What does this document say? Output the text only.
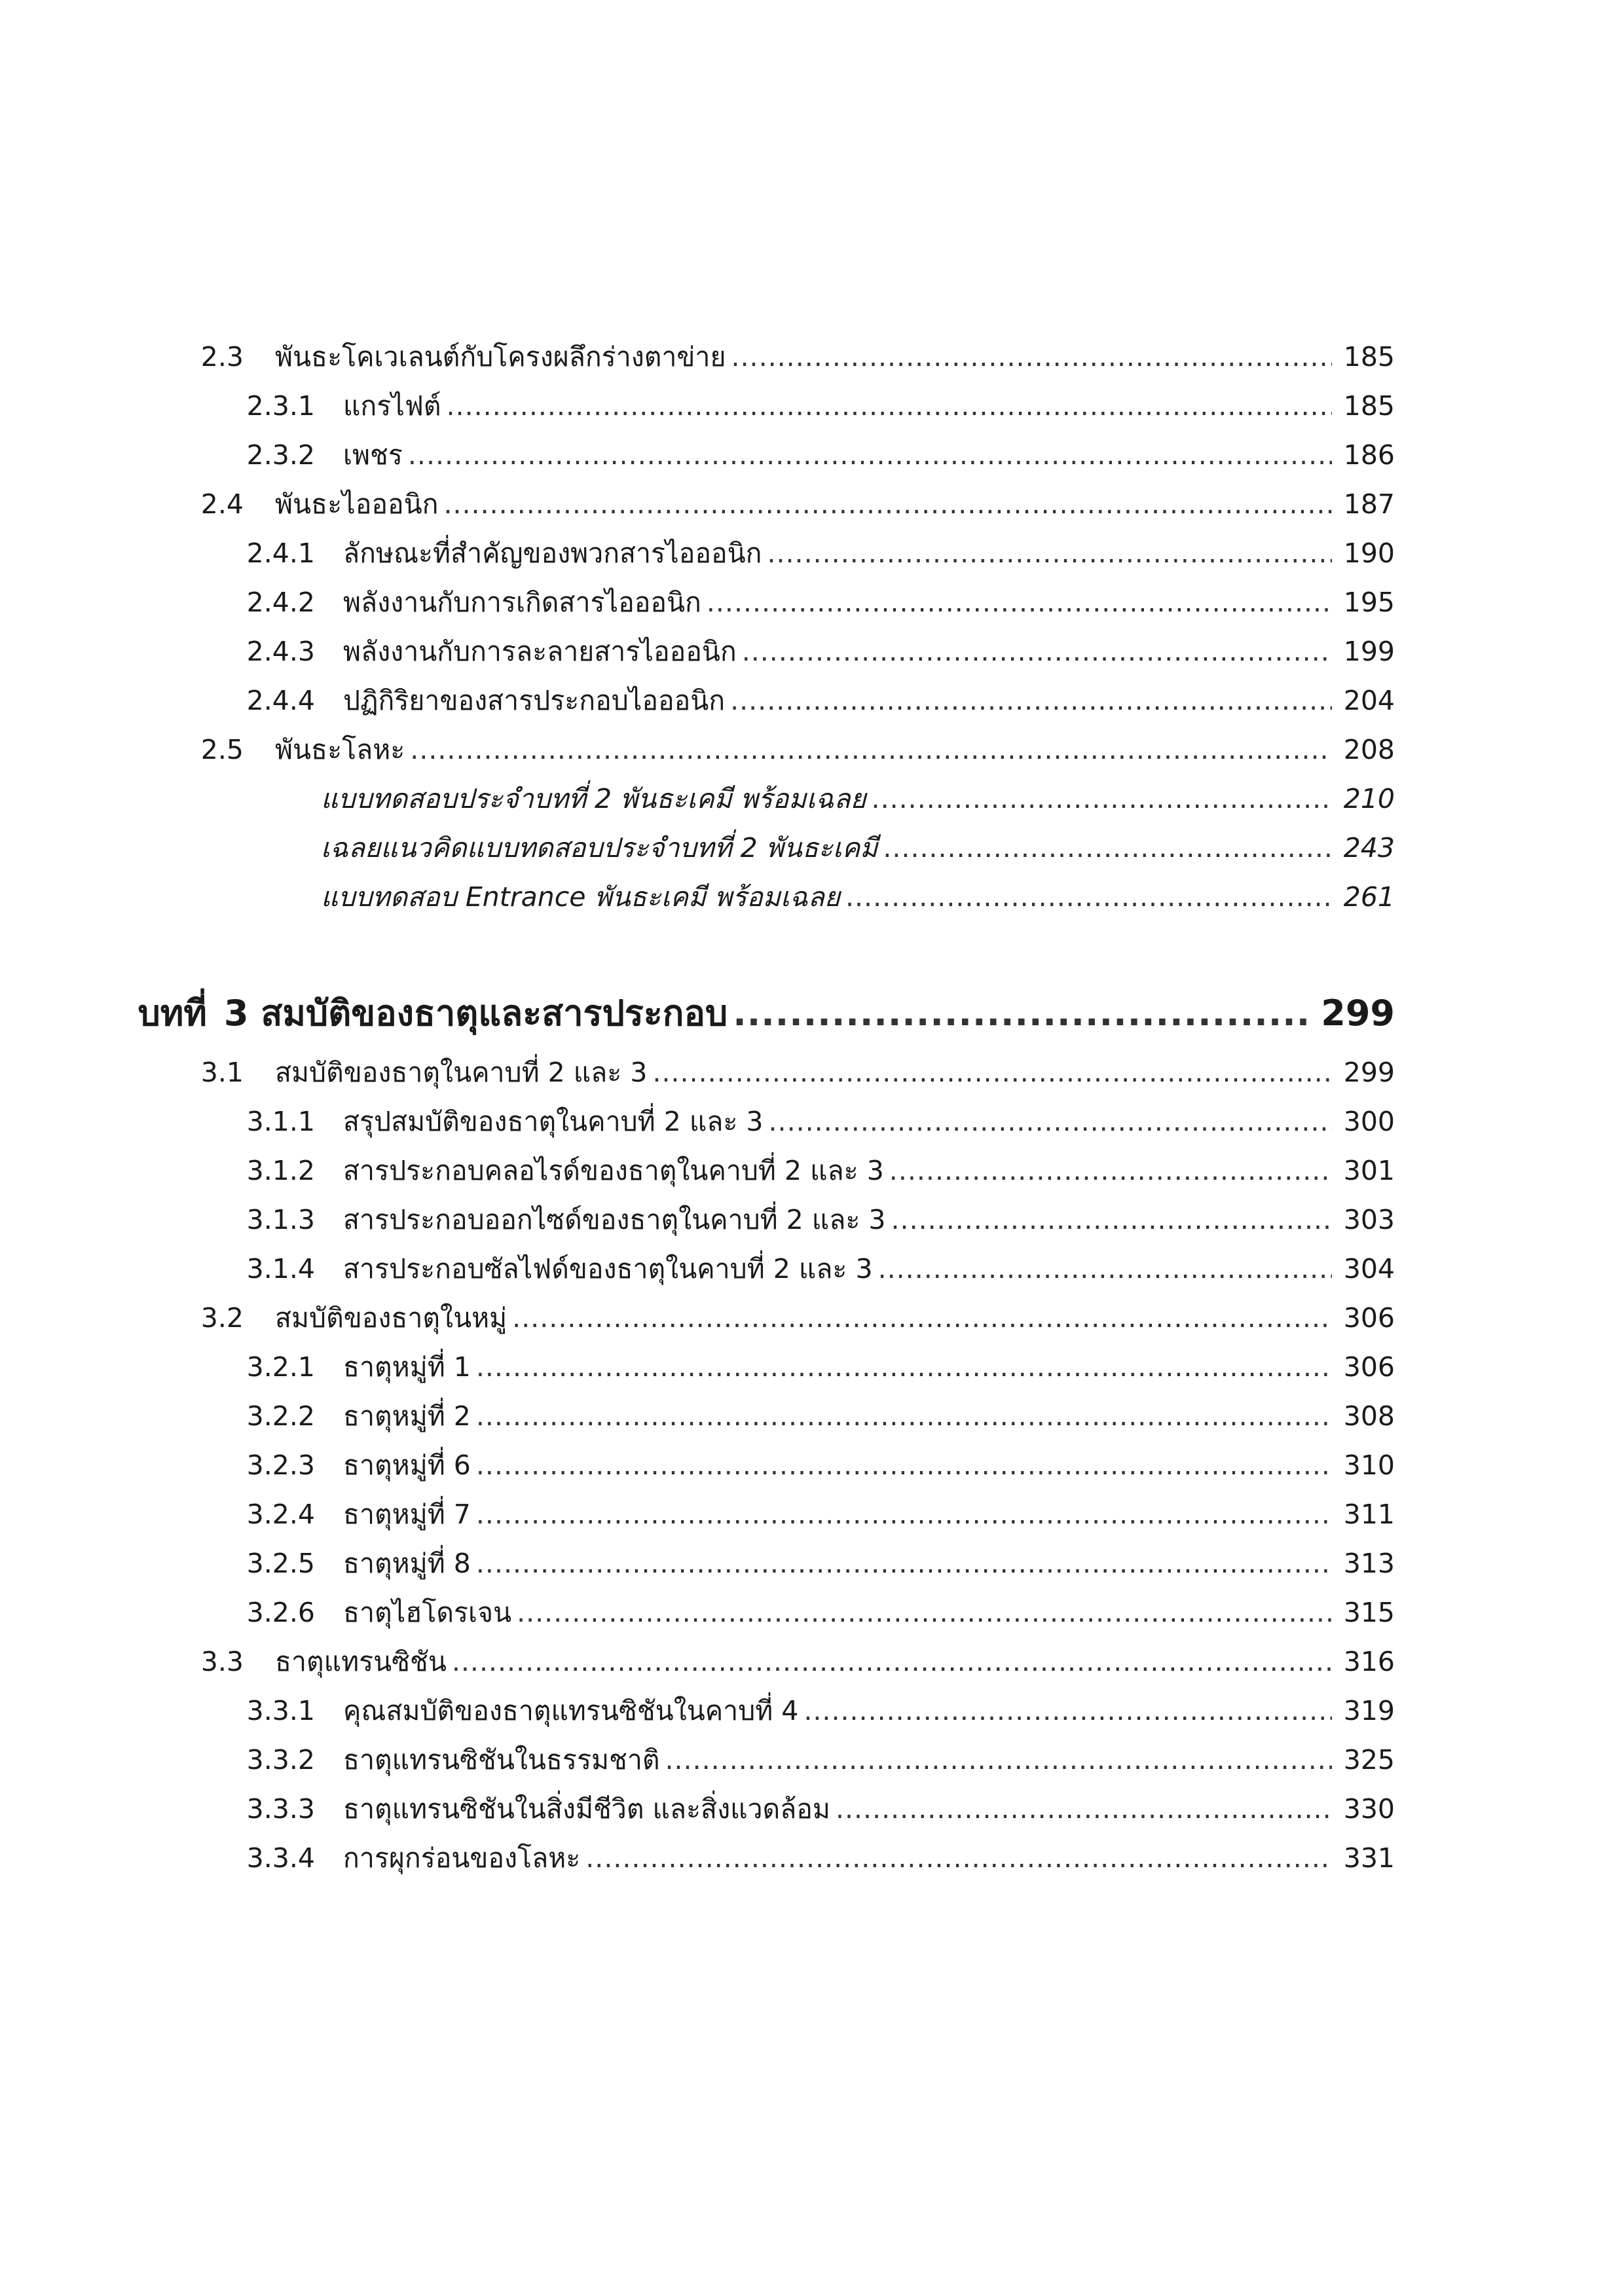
2.3 พันธะโคเวเลนต์กับโครงผลึกร่างตาข่าย .....	185
2.3.1 แกรไฟต์ .....	185
2.3.2 เพชร .....	186
2.4 พันธะไอออนิก .....	187
2.4.1 ลักษณะที่สำคัญของพวกสารไอออนิก .....	190
2.4.2 พลังงานกับการเกิดสารไอออนิก .....	195
2.4.3 พลังงานกับการละลายสารไอออนิก .....	199
2.4.4 ปฏิกิริยาของสารประกอบไอออนิก .....	204
2.5 พันธะโลหะ .....	208
แบบทดสอบประจำบทที่ 2 พันธะเคมี พร้อมเฉลย .....	210
เฉลยแนวคิดแบบทดสอบประจำบทที่ 2 พันธะเคมี .....	243
แบบทดสอบ Entrance พันธะเคมี พร้อมเฉลย .....	261
บทที่ 3 สมบัติของธาตุและสารประกอบ .....	299
3.1 สมบัติของธาตุในคาบที่ 2 และ 3 .....	299
3.1.1 สรุปสมบัติของธาตุในคาบที่ 2 และ 3 .....	300
3.1.2 สารประกอบคลอไรด์ของธาตุในคาบที่ 2 และ 3 .....	301
3.1.3 สารประกอบออกไซด์ของธาตุในคาบที่ 2 และ 3 .....	303
3.1.4 สารประกอบซัลไฟด์ของธาตุในคาบที่ 2 และ 3 .....	304
3.2 สมบัติของธาตุในหมู่ .....	306
3.2.1 ธาตุหมู่ที่ 1 .....	306
3.2.2 ธาตุหมู่ที่ 2 .....	308
3.2.3 ธาตุหมู่ที่ 6 .....	310
3.2.4 ธาตุหมู่ที่ 7 .....	311
3.2.5 ธาตุหมู่ที่ 8 .....	313
3.2.6 ธาตุไฮโดรเจน .....	315
3.3 ธาตุแทรนซิชัน .....	316
3.3.1 คุณสมบัติของธาตุแทรนซิชันในคาบที่ 4 .....	319
3.3.2 ธาตุแทรนซิชันในธรรมชาติ .....	325
3.3.3 ธาตุแทรนซิชันในสิ่งมีชีวิต และสิ่งแวดล้อม .....	330
3.3.4 การผุกร่อนของโลหะ .....	331
